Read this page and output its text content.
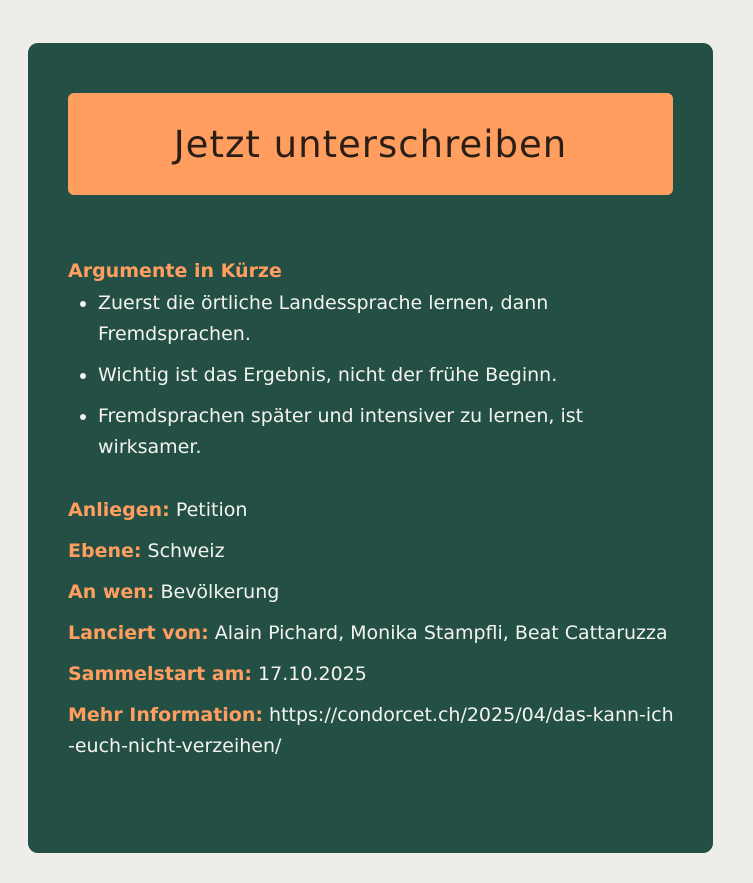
Jetzt unterschreiben
Argumente in Kürze
Zuerst die örtliche Landessprache lernen, dann Fremdsprachen.
Wichtig ist das Ergebnis, nicht der frühe Beginn.
Fremdsprachen später und intensiver zu lernen, ist wirksamer.
Anliegen: Petition
Ebene: Schweiz
An wen: Bevölkerung
Lanciert von: Alain Pichard, Monika Stampfli, Beat Cattaruzza
Sammelstart am: 17.10.2025
Mehr Information: https://condorcet.ch/2025/04/das-kann-ich-euch-nicht-verzeihen/
